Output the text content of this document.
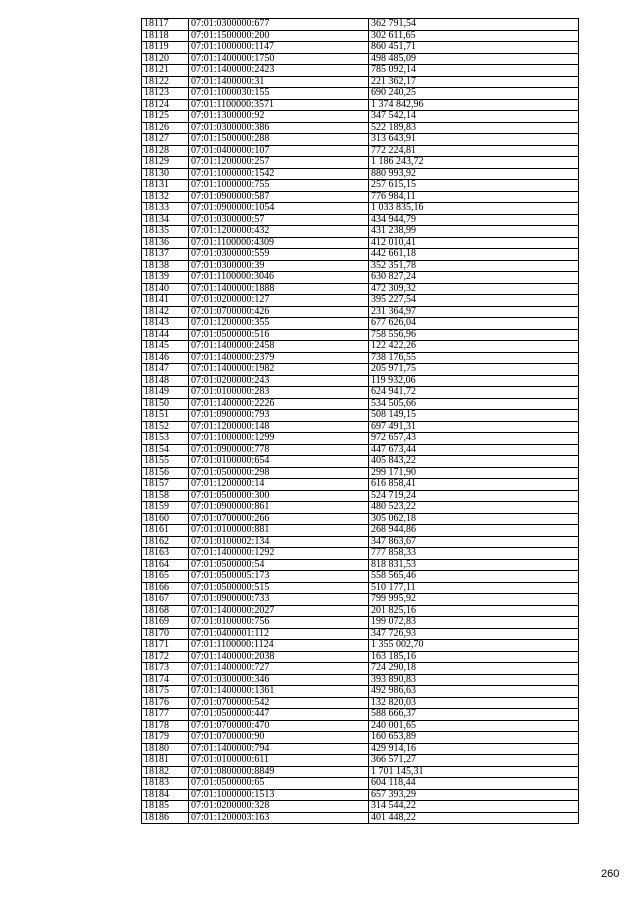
18117	07:01:0300000:677	362 791,54
18118	07:01:1500000:200	302 611,65
18119	07:01:1000000:1147	860 451,71
18120	07:01:1400000:1750	498 485,09
18121	07:01:1400000:2423	785 092,14
18122	07:01:1400000:31	221 362,17
18123	07:01:1000030:155	690 240,25
18124	07:01:1100000:3571	1 374 842,96
18125	07:01:1300000:92	347 542,14
18126	07:01:0300000:386	522 189,83
18127	07:01:1500000:288	313 643,91
18128	07:01:0400000:107	772 224,81
18129	07:01:1200000:257	1 186 243,72
18130	07:01:1000000:1542	880 993,92
18131	07:01:1000000:755	257 615,15
18132	07:01:0900000:587	776 984,11
18133	07:01:0900000:1054	1 033 835,16
18134	07:01:0300000:57	434 944,79
18135	07:01:1200000:432	431 238,99
18136	07:01:1100000:4309	412 010,41
18137	07:01:0300000:559	442 661,18
18138	07:01:0300000:39	352 351,78
18139	07:01:1100000:3046	630 827,24
18140	07:01:1400000:1888	472 309,32
18141	07:01:0200000:127	395 227,54
18142	07:01:0700000:426	231 364,97
18143	07:01:1200000:355	677 626,04
18144	07:01:0500000:516	758 556,96
18145	07:01:1400000:2458	122 422,26
18146	07:01:1400000:2379	738 176,55
18147	07:01:1400000:1982	205 971,75
18148	07:01:0200000:243	119 932,06
18149	07:01:0100000:283	624 941,72
18150	07:01:1400000:2226	534 505,66
18151	07:01:0900000:793	508 149,15
18152	07:01:1200000:148	697 491,31
18153	07:01:1000000:1299	972 657,43
18154	07:01:0900000:778	447 673,44
18155	07:01:0100000:654	405 843,22
18156	07:01:0500000:298	299 171,90
18157	07:01:1200000:14	616 858,41
18158	07:01:0500000:300	524 719,24
18159	07:01:0900000:861	480 523,22
18160	07:01:0700000:266	305 062,18
18161	07:01:0100000:881	268 944,86
18162	07:01:0100002:134	347 863,67
18163	07:01:1400000:1292	777 858,33
18164	07:01:0500000:54	818 831,53
18165	07:01:0500005:173	558 565,46
18166	07:01:0500000:515	510 177,11
18167	07:01:0900000:733	799 995,92
18168	07:01:1400000:2027	201 825,16
18169	07:01:0100000:756	199 072,83
18170	07:01:0400001:112	347 726,93
18171	07:01:1100000:1124	1 355 002,70
18172	07:01:1400000:2038	163 185,16
18173	07:01:1400000:727	724 290,18
18174	07:01:0300000:346	393 890,83
18175	07:01:1400000:1361	492 986,63
18176	07:01:0700000:542	132 820,03
18177	07:01:0500000:447	588 666,37
18178	07:01:0700000:470	240 001,65
18179	07:01:0700000:90	160 653,89
18180	07:01:1400000:794	429 914,16
18181	07:01:0100000:611	366 571,27
18182	07:01:0800000:8849	1 701 145,31
18183	07:01:0500000:65	604 118,44
18184	07:01:1000000:1513	657 393,29
18185	07:01:0200000:328	314 544,22
18186	07:01:1200003:163	401 448,22
260
